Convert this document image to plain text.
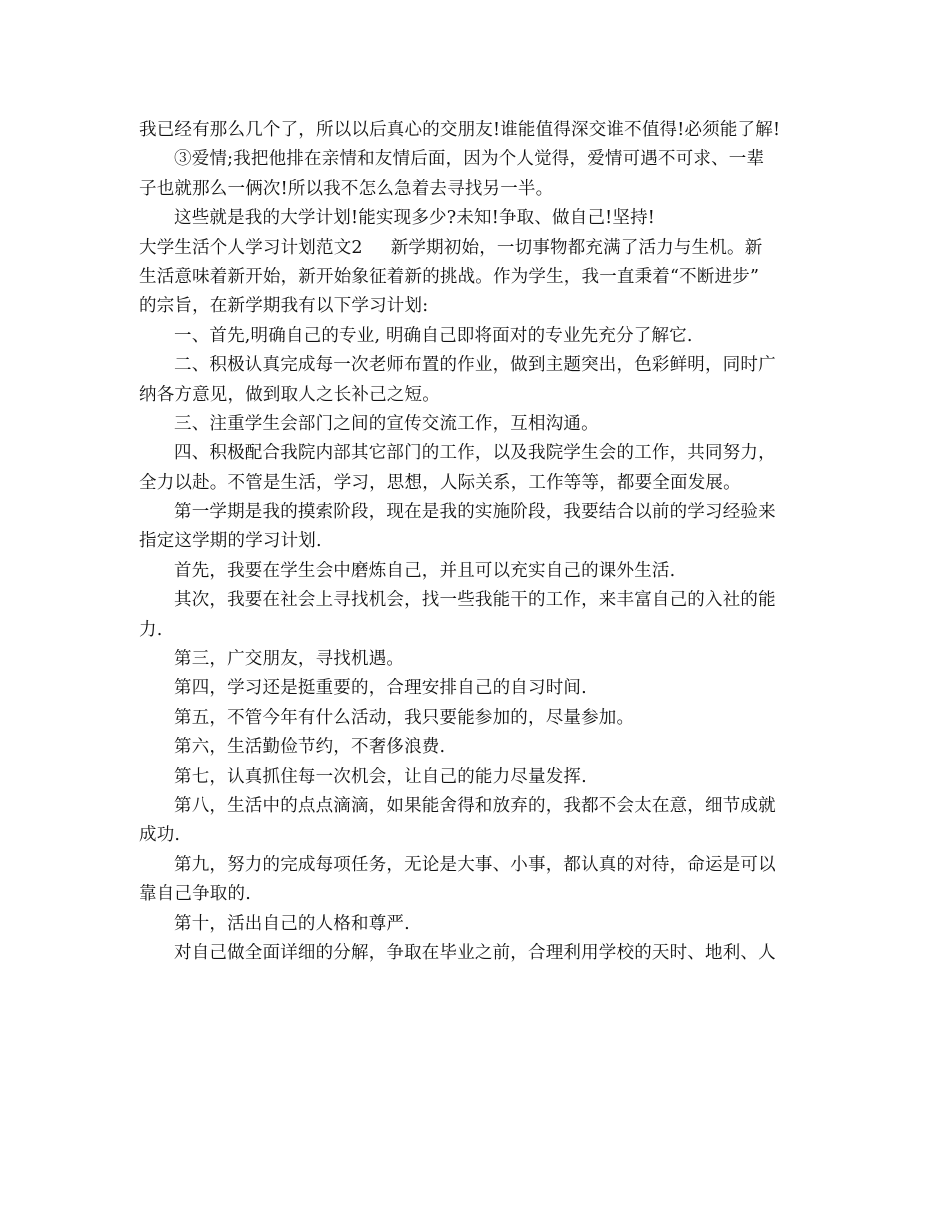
我已经有那么几个了，所以以后真心的交朋友!谁能值得深交谁不值得!必须能了解!
③爱情;我把他排在亲情和友情后面，因为个人觉得，爱情可遇不可求、一辈
子也就那么一俩次!所以我不怎么急着去寻找另一半。
这些就是我的大学计划!能实现多少?未知!争取、做自己!坚持!
大学生活个人学习计划范文2 新学期初始，一切事物都充满了活力与生机。新
生活意味着新开始，新开始象征着新的挑战。作为学生，我一直秉着“不断进步”
的宗旨，在新学期我有以下学习计划:
一、首先,明确自己的专业, 明确自己即将面对的专业先充分了解它.
二、积极认真完成每一次老师布置的作业，做到主题突出，色彩鲜明，同时广
纳各方意见，做到取人之长补己之短。
三、注重学生会部门之间的宣传交流工作，互相沟通。
四、积极配合我院内部其它部门的工作，以及我院学生会的工作，共同努力，
全力以赴。不管是生活，学习，思想，人际关系，工作等等，都要全面发展。
第一学期是我的摸索阶段，现在是我的实施阶段，我要结合以前的学习经验来
指定这学期的学习计划.
首先，我要在学生会中磨炼自己，并且可以充实自己的课外生活.
其次，我要在社会上寻找机会，找一些我能干的工作，来丰富自己的入社的能
力.
第三，广交朋友，寻找机遇。
第四，学习还是挺重要的，合理安排自己的自习时间.
第五，不管今年有什么活动，我只要能参加的，尽量参加。
第六，生活勤俭节约，不奢侈浪费.
第七，认真抓住每一次机会，让自己的能力尽量发挥.
第八，生活中的点点滴滴，如果能舍得和放弃的，我都不会太在意，细节成就
成功.
第九，努力的完成每项任务，无论是大事、小事，都认真的对待，命运是可以
靠自己争取的.
第十，活出自己的人格和尊严.
对自己做全面详细的分解，争取在毕业之前，合理利用学校的天时、地利、人
